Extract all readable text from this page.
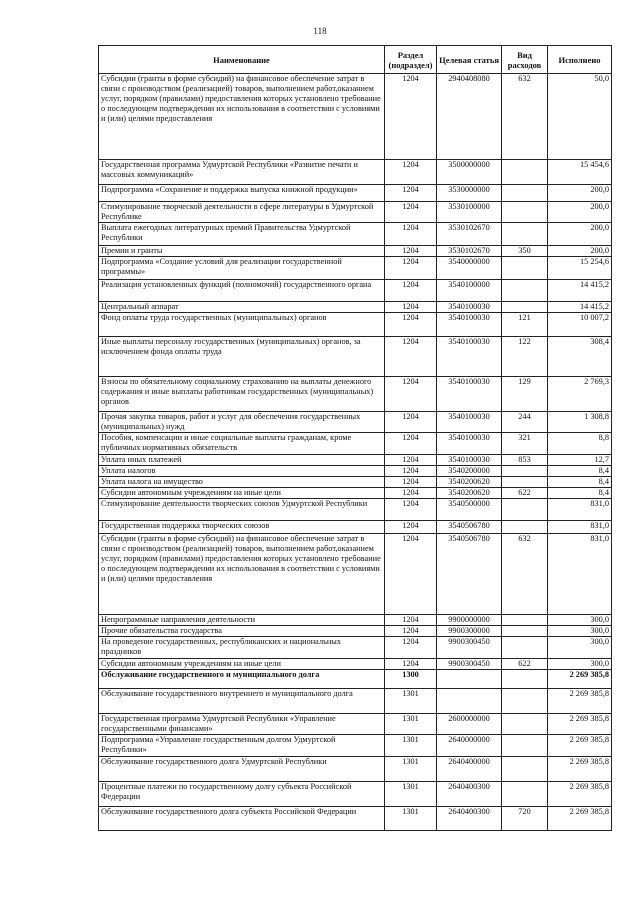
118
Наименование	Раздел (подраздел)	Целевая статья	Вид расходов	Исполнено
Субсидии (гранты в форме субсидий) на финансовое обеспечение затрат в связи с производством (реализацией) товаров, выполнением работ,оказанием услуг, порядком (правилами) предоставления которых установлено требование о последующем подтверждении их использования в соответствии с условиями и (или) целями предоставления	1204	2940408080	632	50,0
Государственная программа Удмуртской Республики «Развитие печати и массовых коммуникаций»	1204	3500000000		15 454,6
Подпрограмма «Сохранение и поддержка выпуска книжной продукции»	1204	3530000000		200,0
Стимулирование творческой деятельности в сфере литературы в Удмуртской Республике	1204	3530100000		200,0
Выплата ежегодных литературных премий Правительства Удмуртской Республики	1204	3530102670		200,0
Премии и гранты	1204	3530102670	350	200,0
Подпрограмма «Создание условий для реализации государственной программы»	1204	3540000000		15 254,6
Реализация установленных функций (полномочий) государственного органа	1204	3540100000		14 415,2
Центральный аппарат	1204	3540100030		14 415,2
Фонд оплаты труда государственных (муниципальных) органов	1204	3540100030	121	10 007,2
Иные выплаты персоналу государственных (муниципальных) органов, за исключением фонда оплаты труда	1204	3540100030	122	308,4
Взносы по обязательному социальному страхованию на выплаты денежного содержания и иные выплаты работникам государственных (муниципальных) органов	1204	3540100030	129	2 769,3
Прочая закупка товаров, работ и услуг для обеспечения государственных (муниципальных) нужд	1204	3540100030	244	1 308,8
Пособия, компенсации и иные социальные выплаты гражданам, кроме публичных нормативных обязательств	1204	3540100030	321	8,8
Уплата иных платежей	1204	3540100030	853	12,7
Уплата налогов	1204	3540200000		8,4
Уплата налога на имущество	1204	3540200620		8,4
Субсидии автономным учреждениям на иные цели	1204	3540200620	622	8,4
Стимулирование деятельности творческих союзов Удмуртской Республики	1204	3540500000		831,0
Государственная поддержка творческих союзов	1204	3540506780		831,0
Субсидии (гранты в форме субсидий) на финансовое обеспечение затрат в связи с производством (реализацией) товаров, выполнением работ,оказанием услуг, порядком (правилами) предоставления которых установлено требование о последующем подтверждении их использования в соответствии с условиями и (или) целями предоставления	1204	3540506780	632	831,0
Непрограммные направления деятельности	1204	9900000000		300,0
Прочие обязательства государства	1204	9900300000		300,0
На проведение государственных, республиканских и национальных праздников	1204	9900300450		300,0
Субсидии автономным учреждениям на иные цели	1204	9900300450	622	300,0
Обслуживание государственного и муниципального долга	1300			2 269 385,8
Обслуживание государственного внутреннего и муниципального долга	1301			2 269 385,8
Государственная программа Удмуртской Республики «Управление государственными финансами»	1301	2600000000		2 269 385,8
Подпрограмма «Управление государственным долгом Удмуртской Республики»	1301	2640000000		2 269 385,8
Обслуживание государственного долга Удмуртской Республики	1301	2640400000		2 269 385,8
Процентные платежи по государственному долгу субъекта Российской Федерации	1301	2640400300		2 269 385,8
Обслуживание государственного долга субъекта Российской Федерации	1301	2640400300	720	2 269 385,8
